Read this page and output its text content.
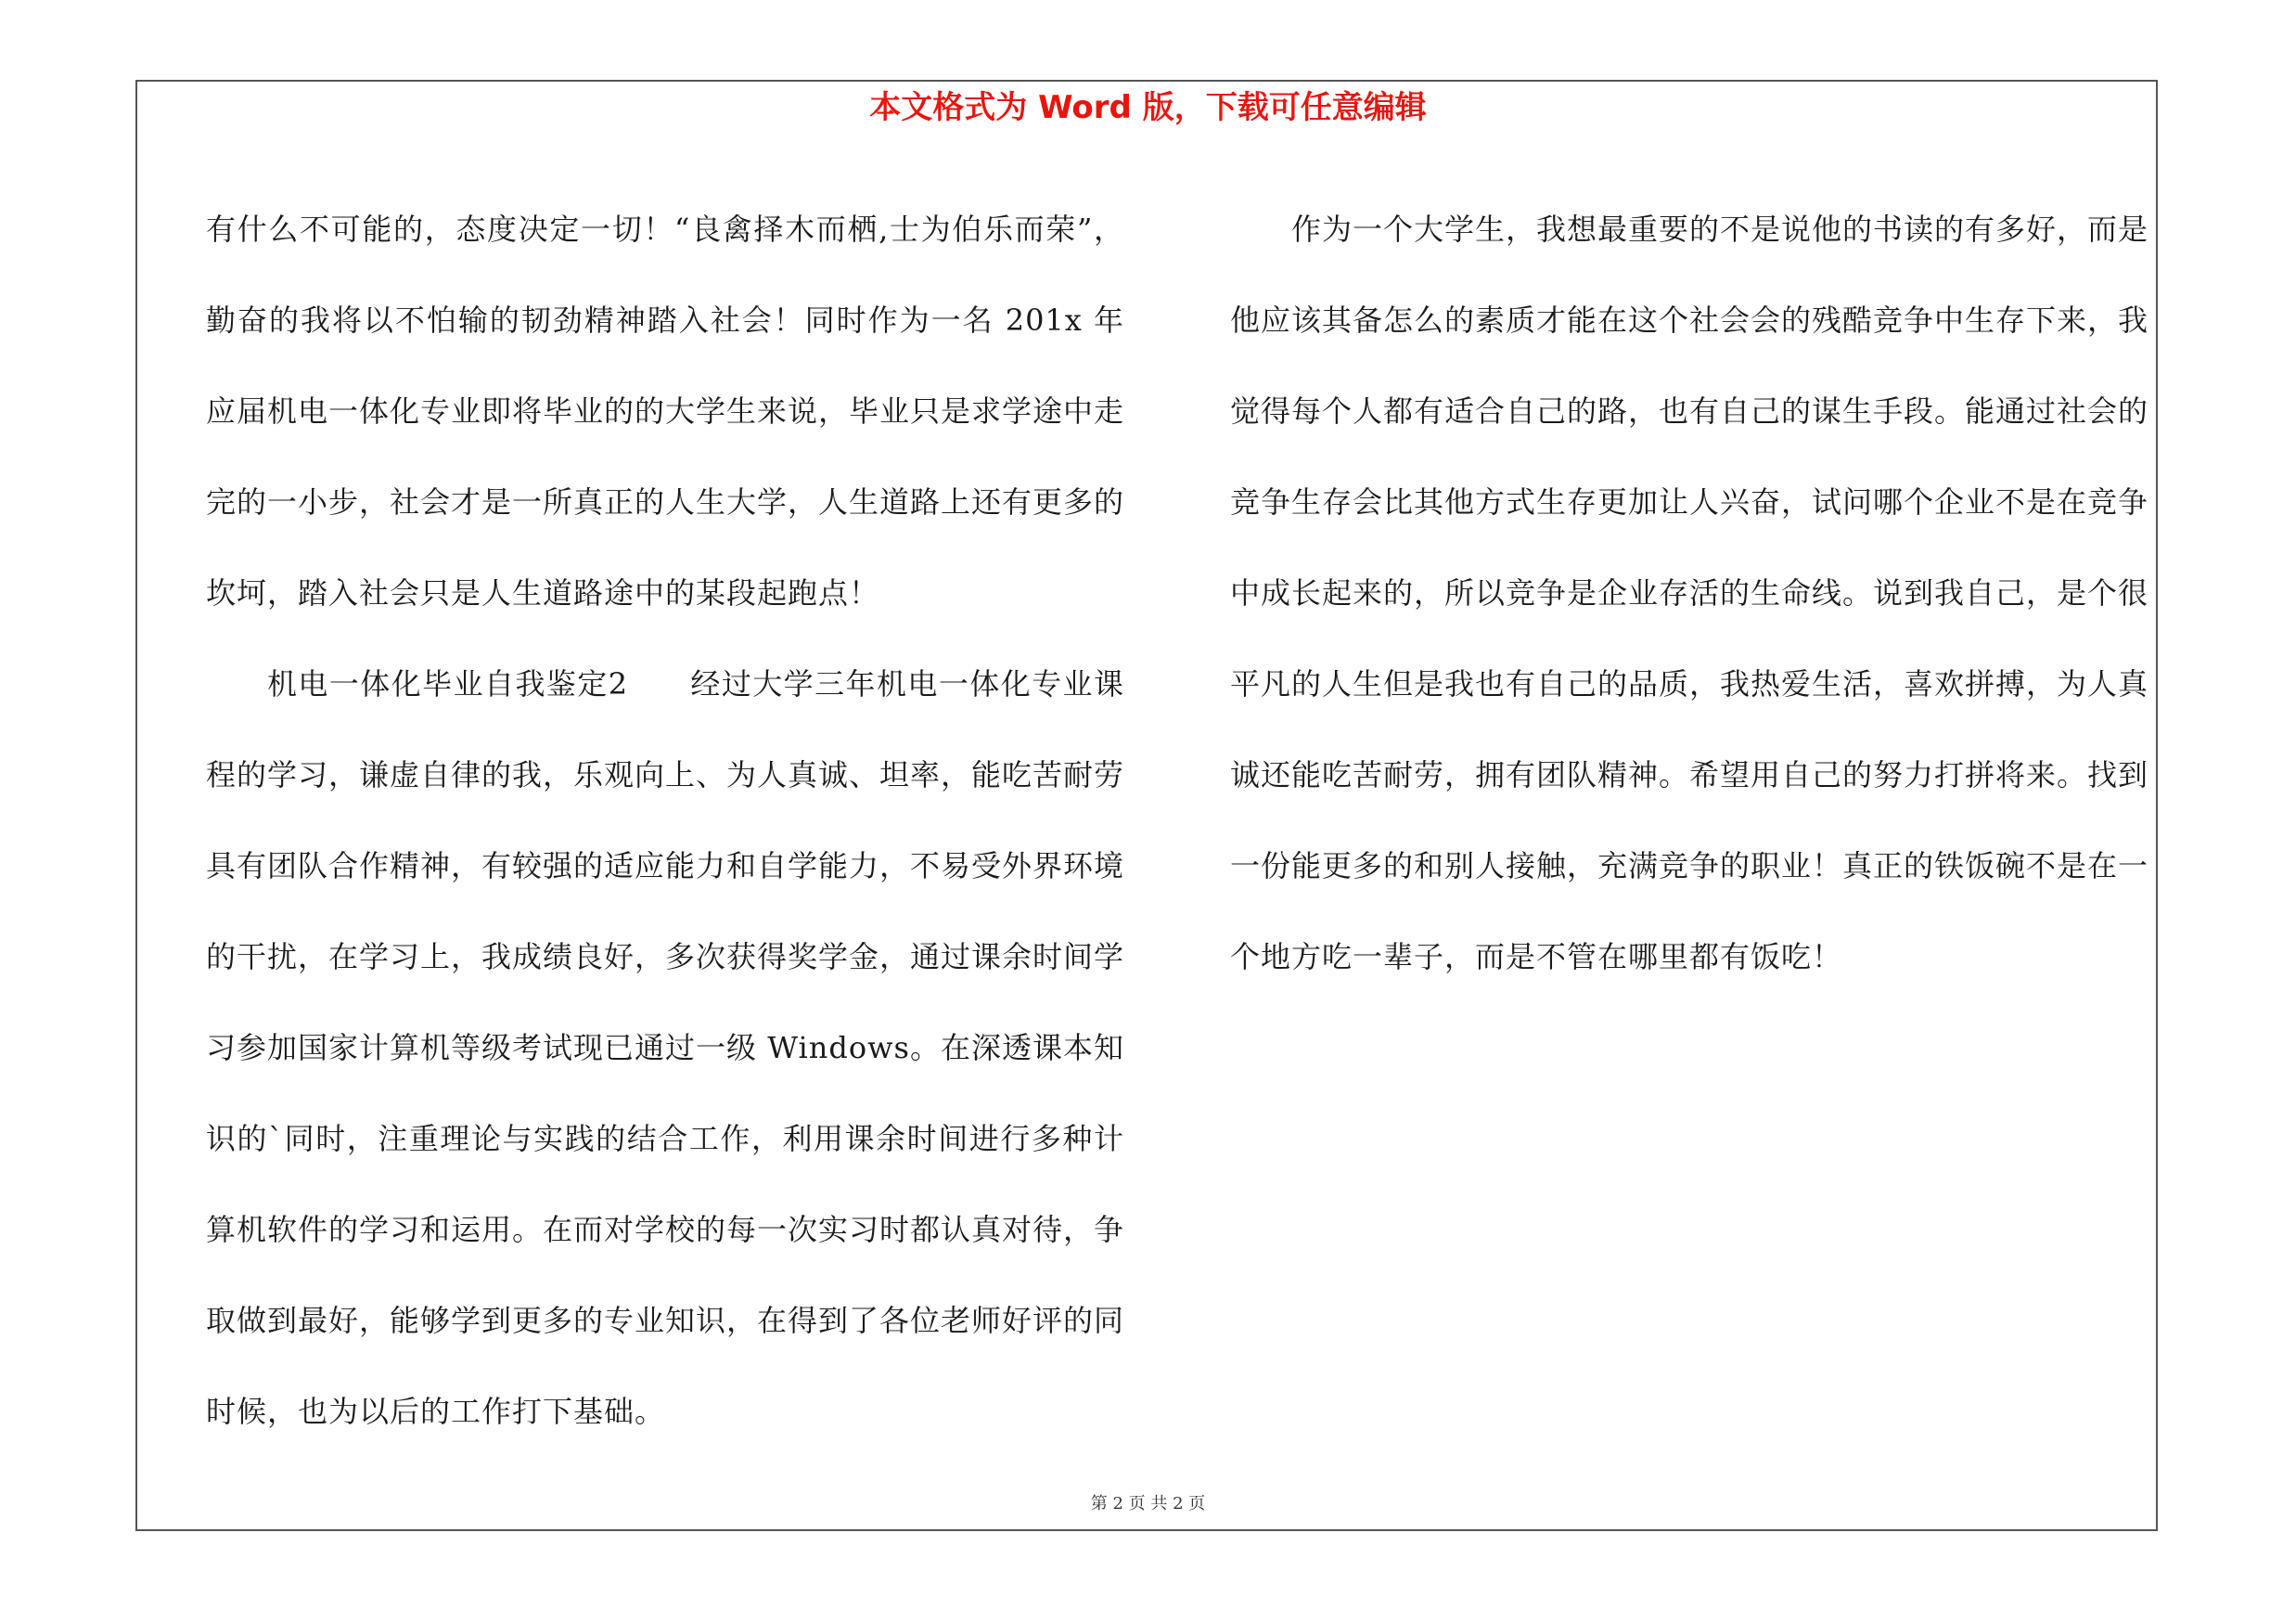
本文格式为 Word 版，下载可任意编辑

有什么不可能的，态度决定一切！“良禽择木而栖,士为伯乐而荣”，勤奋的我将以不怕输的韧劲精神踏入社会！同时作为一名 201x 年应届机电一体化专业即将毕业的的大学生来说，毕业只是求学途中走完的一小步，社会才是一所真正的人生大学，人生道路上还有更多的坎坷，踏入社会只是人生道路途中的某段起跑点！

机电一体化毕业自我鉴定2　　经过大学三年机电一体化专业课程的学习，谦虚自律的我，乐观向上、为人真诚、坦率，能吃苦耐劳具有团队合作精神，有较强的适应能力和自学能力，不易受外界环境的干扰，在学习上，我成绩良好，多次获得奖学金，通过课余时间学习参加国家计算机等级考试现已通过一级 Windows。在深透课本知识的`同时，注重理论与实践的结合工作，利用课余时间进行多种计算机软件的学习和运用。在而对学校的每一次实习时都认真对待，争取做到最好，能够学到更多的专业知识，在得到了各位老师好评的同时候，也为以后的工作打下基础。

作为一个大学生，我想最重要的不是说他的书读的有多好，而是他应该其备怎么的素质才能在这个社会会的残酷竞争中生存下来，我觉得每个人都有适合自己的路，也有自己的谋生手段。能通过社会的竞争生存会比其他方式生存更加让人兴奋，试问哪个企业不是在竞争中成长起来的，所以竞争是企业存活的生命线。说到我自己，是个很平凡的人生但是我也有自己的品质，我热爱生活，喜欢拼搏，为人真诚还能吃苦耐劳，拥有团队精神。希望用自己的努力打拼将来。找到一份能更多的和别人接触，充满竞争的职业！真正的铁饭碗不是在一个地方吃一辈子，而是不管在哪里都有饭吃！

第 2 页 共 2 页
